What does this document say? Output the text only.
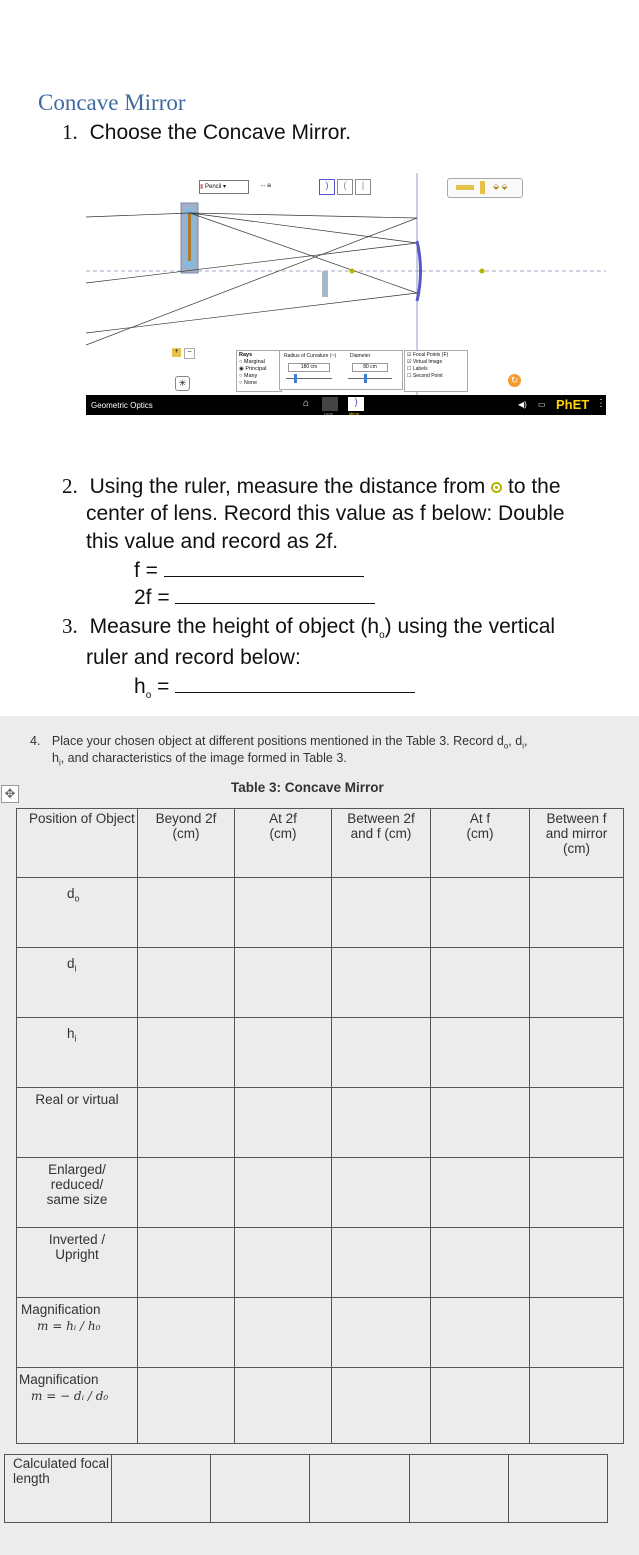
Concave Mirror
1. Choose the Concave Mirror.
▮ Pencil ▾	↔🔒︎	)	(	|	⬙ ⬙
+	−
✳
Rays
○ Marginal
◉ Principal
○ Many
○ None
Radius of Curvature (~)	Diameter
180 cm	80 cm
☑ Focal Points (F)
☑ Virtual Image
☐ Labels
☐ Second Point	↻
Geometric Optics	⌂
Lens
)
Mirror
◀) ▭ PhET ⋮
2. Using the ruler, measure the distance from to the
center of lens. Record this value as f below: Double
this value and record as 2f.
f =
2f =
3. Measure the height of object $(h_o)$ using the vertical
ruler and record below:
$h_o$ =
4. Place your chosen object at different positions mentioned in the Table 3. Record $d_o$, $d_i$,
$h_i$, and characteristics of the image formed in Table 3.
Table 3: Concave Mirror
✥
Position of Object	Beyond 2f (cm)	At 2f (cm)	Between 2f and f (cm)	At f (cm)	Between f and mirror (cm)

$d_o$

$d_i$

$h_i$

Real or virtual					

Enlarged/ reduced/ same size					

Inverted / Upright					

Magnification
m = hᵢ / h₀					

Magnification
m = − dᵢ / d₀					

Calculated focal length					
